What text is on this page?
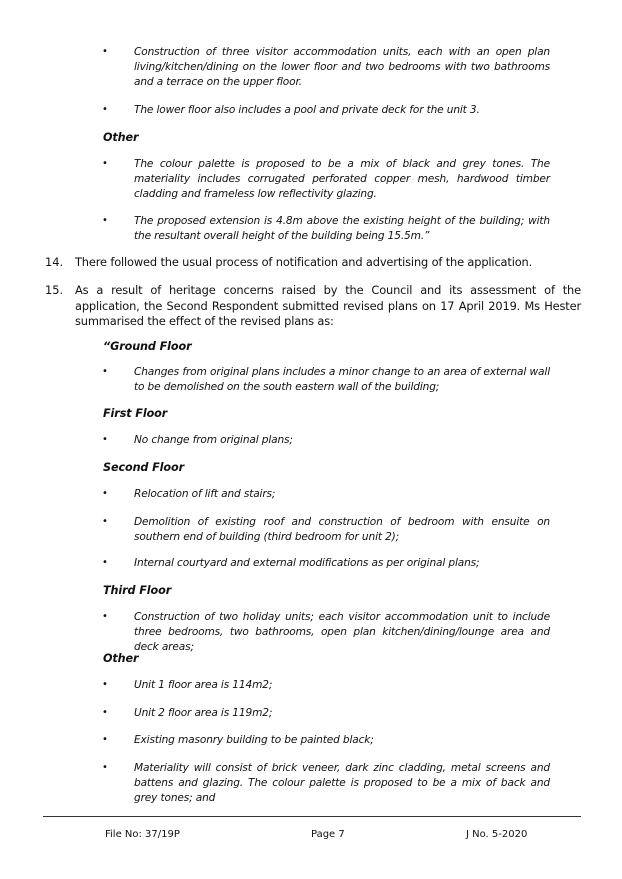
• Construction of three visitor accommodation units, each with an open plan living/kitchen/dining on the lower floor and two bedrooms with two bathrooms and a terrace on the upper floor.
• The lower floor also includes a pool and private deck for the unit 3.
Other
• The colour palette is proposed to be a mix of black and grey tones. The materiality includes corrugated perforated copper mesh, hardwood timber cladding and frameless low reflectivity glazing.
• The proposed extension is 4.8m above the existing height of the building; with the resultant overall height of the building being 15.5m.”
14. There followed the usual process of notification and advertising of the application.
15. As a result of heritage concerns raised by the Council and its assessment of the application, the Second Respondent submitted revised plans on 17 April 2019. Ms Hester summarised the effect of the revised plans as:
“Ground Floor
• Changes from original plans includes a minor change to an area of external wall to be demolished on the south eastern wall of the building;
First Floor
• No change from original plans;
Second Floor
• Relocation of lift and stairs;
• Demolition of existing roof and construction of bedroom with ensuite on southern end of building (third bedroom for unit 2);
• Internal courtyard and external modifications as per original plans;
Third Floor
• Construction of two holiday units; each visitor accommodation unit to include three bedrooms, two bathrooms, open plan kitchen/dining/lounge area and deck areas;
Other
• Unit 1 floor area is 114m2;
• Unit 2 floor area is 119m2;
• Existing masonry building to be painted black;
• Materiality will consist of brick veneer, dark zinc cladding, metal screens and battens and glazing. The colour palette is proposed to be a mix of back and grey tones; and
File No: 37/19P	Page 7	J No. 5-2020
